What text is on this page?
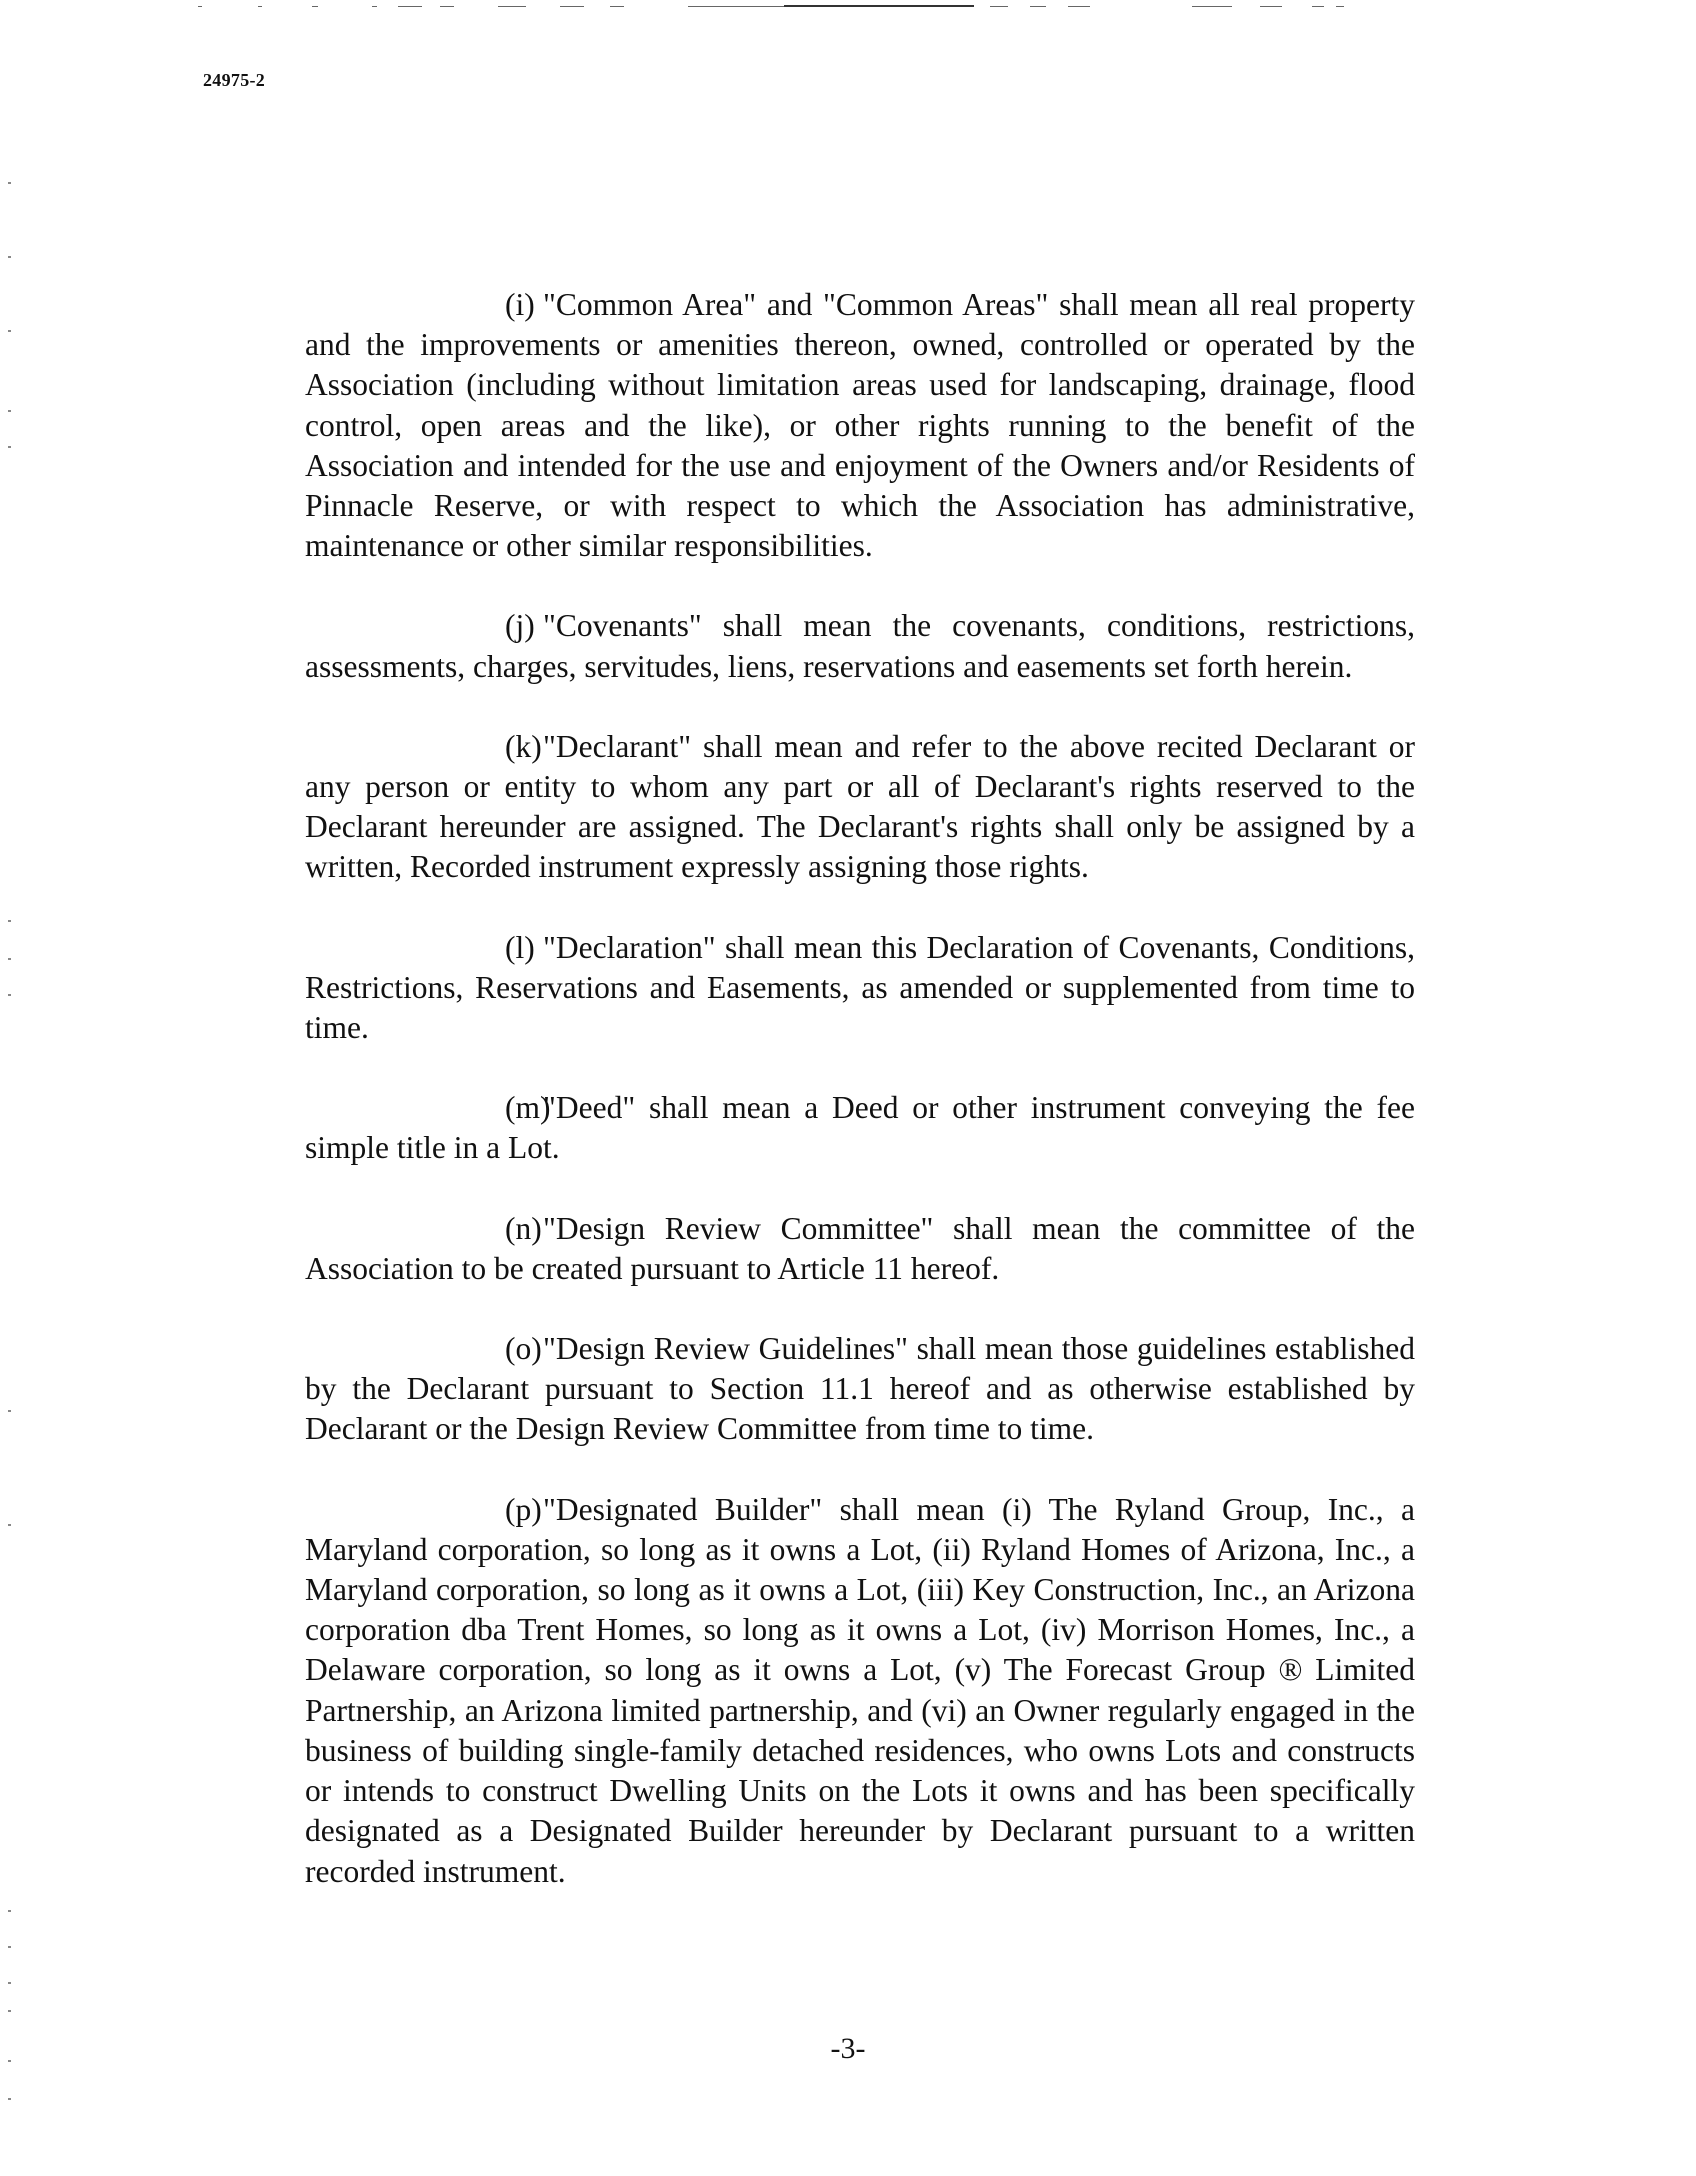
24975-2

(i) "Common Area" and "Common Areas" shall mean all real property and the improvements or amenities thereon, owned, controlled or operated by the Association (including without limitation areas used for landscaping, drainage, flood control, open areas and the like), or other rights running to the benefit of the Association and intended for the use and enjoyment of the Owners and/or Residents of Pinnacle Reserve, or with respect to which the Association has administrative, maintenance or other similar responsibilities.

(j) "Covenants" shall mean the covenants, conditions, restrictions, assessments, charges, servitudes, liens, reservations and easements set forth herein.

(k)"Declarant" shall mean and refer to the above recited Declarant or any person or entity to whom any part or all of Declarant's rights reserved to the Declarant hereunder are assigned. The Declarant's rights shall only be assigned by a written, Recorded instrument expressly assigning those rights.

(l) "Declaration" shall mean this Declaration of Covenants, Conditions, Restrictions, Reservations and Easements, as amended or supplemented from time to time.

(m)"Deed" shall mean a Deed or other instrument conveying the fee simple title in a Lot.

(n)"Design Review Committee" shall mean the committee of the Association to be created pursuant to Article 11 hereof.

(o)"Design Review Guidelines" shall mean those guidelines established by the Declarant pursuant to Section 11.1 hereof and as otherwise established by Declarant or the Design Review Committee from time to time.

(p)"Designated Builder" shall mean (i) The Ryland Group, Inc., a Maryland corporation, so long as it owns a Lot, (ii) Ryland Homes of Arizona, Inc., a Maryland corporation, so long as it owns a Lot, (iii) Key Construction, Inc., an Arizona corporation dba Trent Homes, so long as it owns a Lot, (iv) Morrison Homes, Inc., a Delaware corporation, so long as it owns a Lot, (v) The Forecast Group ® Limited Partnership, an Arizona limited partnership, and (vi) an Owner regularly engaged in the business of building single-family detached residences, who owns Lots and constructs or intends to construct Dwelling Units on the Lots it owns and has been specifically designated as a Designated Builder hereunder by Declarant pursuant to a written recorded instrument.

-3-
